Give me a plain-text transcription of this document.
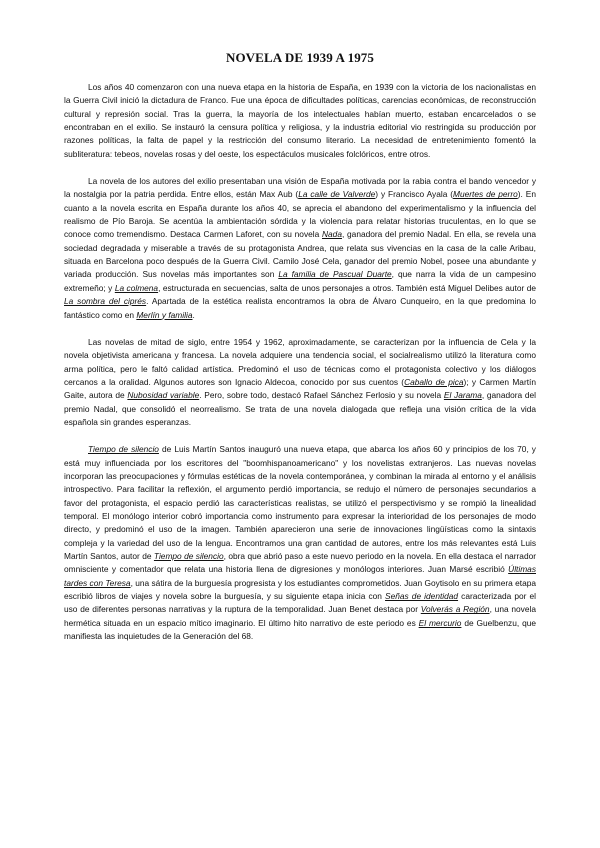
NOVELA DE 1939 A 1975

Los años 40 comenzaron con una nueva etapa en la historia de España, en 1939 con la victoria de los nacionalistas en la Guerra Civil inició la dictadura de Franco. Fue una época de dificultades políticas, carencias económicas, de reconstrucción cultural y represión social. Tras la guerra, la mayoría de los intelectuales habían muerto, estaban encarcelados o se encontraban en el exilio. Se instauró la censura política y religiosa, y la industria editorial vio restringida su producción por razones políticas, la falta de papel y la restricción del consumo literario. La necesidad de entretenimiento fomentó la subliteratura: tebeos, novelas rosas y del oeste, los espectáculos musicales folclóricos, entre otros.

La novela de los autores del exilio presentaban una visión de España motivada por la rabia contra el bando vencedor y la nostalgia por la patria perdida. Entre ellos, están Max Aub (La calle de Valverde) y Francisco Ayala (Muertes de perro). En cuanto a la novela escrita en España durante los años 40, se aprecia el abandono del experimentalismo y la influencia del realismo de Pío Baroja. Se acentúa la ambientación sórdida y la violencia para relatar historias truculentas, en lo que se conoce como tremendismo. Destaca Carmen Laforet, con su novela Nada, ganadora del premio Nadal. En ella, se revela una sociedad degradada y miserable a través de su protagonista Andrea, que relata sus vivencias en la casa de la calle Aribau, situada en Barcelona poco después de la Guerra Civil. Camilo José Cela, ganador del premio Nobel, posee una abundante y variada producción. Sus novelas más importantes son La familia de Pascual Duarte, que narra la vida de un campesino extremeño; y La colmena, estructurada en secuencias, salta de unos personajes a otros. También está Miguel Delibes autor de La sombra del ciprés. Apartada de la estética realista encontramos la obra de Álvaro Cunqueiro, en la que predomina lo fantástico como en Merlín y familia.

Las novelas de mitad de siglo, entre 1954 y 1962, aproximadamente, se caracterizan por la influencia de Cela y la novela objetivista americana y francesa. La novela adquiere una tendencia social, el socialrealismo utilizó la literatura como arma política, pero le faltó calidad artística. Predominó el uso de técnicas como el protagonista colectivo y los diálogos cercanos a la oralidad. Algunos autores son Ignacio Aldecoa, conocido por sus cuentos (Caballo de pica); y Carmen Martín Gaite, autora de Nubosidad variable. Pero, sobre todo, destacó Rafael Sánchez Ferlosio y su novela El Jarama, ganadora del premio Nadal, que consolidó el neorrealismo. Se trata de una novela dialogada que refleja una visión crítica de la vida española sin grandes esperanzas.

Tiempo de silencio de Luis Martín Santos inauguró una nueva etapa, que abarca los años 60 y principios de los 70, y está muy influenciada por los escritores del "boomhispanoamericano" y los novelistas extranjeros. Las nuevas novelas incorporan las preocupaciones y fórmulas estéticas de la novela contemporánea, y combinan la mirada al entorno y el análisis introspectivo. Para facilitar la reflexión, el argumento perdió importancia, se redujo el número de personajes secundarios a favor del protagonista, el espacio perdió las características realistas, se utilizó el perspectivismo y se rompió la linealidad temporal. El monólogo interior cobró importancia como instrumento para expresar la interioridad de los personajes de modo directo, y predominó el uso de la imagen. También aparecieron una serie de innovaciones lingüísticas como la sintaxis compleja y la variedad del uso de la lengua. Encontramos una gran cantidad de autores, entre los más relevantes está Luis Martín Santos, autor de Tiempo de silencio, obra que abrió paso a este nuevo periodo en la novela. En ella destaca el narrador omnisciente y comentador que relata una historia llena de digresiones y monólogos interiores. Juan Marsé escribió Últimas tardes con Teresa, una sátira de la burguesía progresista y los estudiantes comprometidos. Juan Goytisolo en su primera etapa escribió libros de viajes y novela sobre la burguesía, y su siguiente etapa inicia con Señas de identidad caracterizada por el uso de diferentes personas narrativas y la ruptura de la temporalidad. Juan Benet destaca por Volverás a Región, una novela hermética situada en un espacio mítico imaginario. El último hito narrativo de este periodo es El mercurio de Guelbenzu, que manifiesta las inquietudes de la Generación del 68.
